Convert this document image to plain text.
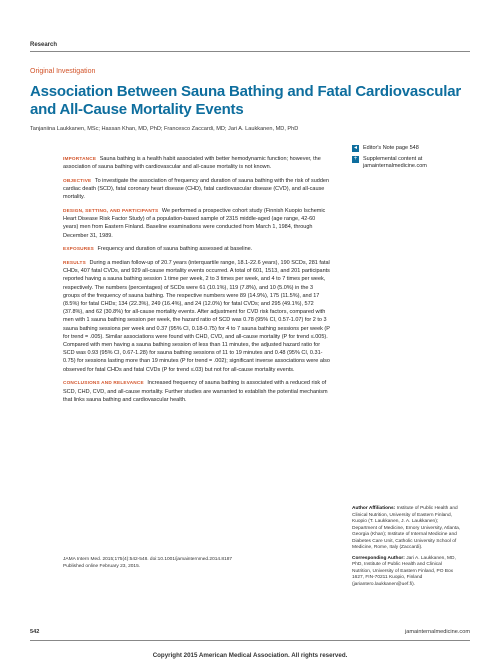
Research
Original Investigation
Association Between Sauna Bathing and Fatal Cardiovascular and All-Cause Mortality Events
Tanjaniina Laukkanen, MSc; Hassan Khan, MD, PhD; Francesco Zaccardi, MD; Jari A. Laukkanen, MD, PhD

IMPORTANCE Sauna bathing is a health habit associated with better hemodynamic function; however, the association of sauna bathing with cardiovascular and all-cause mortality is not known.

OBJECTIVE To investigate the association of frequency and duration of sauna bathing with the risk of sudden cardiac death (SCD), fatal coronary heart disease (CHD), fatal cardiovascular disease (CVD), and all-cause mortality.

DESIGN, SETTING, AND PARTICIPANTS We performed a prospective cohort study (Finnish Kuopio Ischemic Heart Disease Risk Factor Study) of a population-based sample of 2315 middle-aged (age range, 42-60 years) men from Eastern Finland. Baseline examinations were conducted from March 1, 1984, through December 31, 1989.

EXPOSURES Frequency and duration of sauna bathing assessed at baseline.

RESULTS During a median follow-up of 20.7 years (interquartile range, 18.1-22.6 years), 190 SCDs, 281 fatal CHDs, 407 fatal CVDs, and 929 all-cause mortality events occurred. A total of 601, 1513, and 201 participants reported having a sauna bathing session 1 time per week, 2 to 3 times per week, and 4 to 7 times per week, respectively. The numbers (percentages) of SCDs were 61 (10.1%), 119 (7.8%), and 10 (5.0%) in the 3 groups of the frequency of sauna bathing. The respective numbers were 89 (14.9%), 175 (11.5%), and 17 (8.5%) for fatal CHDs; 134 (22.3%), 249 (16.4%), and 24 (12.0%) for fatal CVDs; and 295 (49.1%), 572 (37.8%), and 62 (30.8%) for all-cause mortality events. After adjustment for CVD risk factors, compared with men with 1 sauna bathing session per week, the hazard ratio of SCD was 0.78 (95% CI, 0.57-1.07) for 2 to 3 sauna bathing sessions per week and 0.37 (95% CI, 0.18-0.75) for 4 to 7 sauna bathing sessions per week (P for trend = .005). Similar associations were found with CHD, CVD, and all-cause mortality (P for trend ≤.005). Compared with men having a sauna bathing session of less than 11 minutes, the adjusted hazard ratio for SCD was 0.93 (95% CI, 0.67-1.28) for sauna bathing sessions of 11 to 19 minutes and 0.48 (95% CI, 0.31-0.75) for sessions lasting more than 19 minutes (P for trend = .002); significant inverse associations were also observed for fatal CHDs and fatal CVDs (P for trend ≤.03) but not for all-cause mortality events.

CONCLUSIONS AND RELEVANCE Increased frequency of sauna bathing is associated with a reduced risk of SCD, CHD, CVD, and all-cause mortality. Further studies are warranted to establish the potential mechanism that links sauna bathing and cardiovascular health.

JAMA Intern Med. 2015;175(4):542-548. doi:10.1001/jamainternmed.2014.8187
Published online February 23, 2015.
◂	Editor's Note page 548
+	Supplemental content at jamainternalmedicine.com
Author Affiliations: Institute of Public Health and Clinical Nutrition, University of Eastern Finland, Kuopio (T. Laukkanen, J. A. Laukkanen); Department of Medicine, Emory University, Atlanta, Georgia (Khan); Institute of Internal Medicine and Diabetes Care Unit, Catholic University School of Medicine, Rome, Italy (Zaccardi).
Corresponding Author: Jari A. Laukkanen, MD, PhD, Institute of Public Health and Clinical Nutrition, University of Eastern Finland, PO Box 1627, FIN-70211 Kuopio, Finland (jariantero.laukkanen@uef.fi).
542	jamainternalmedicine.com
Copyright 2015 American Medical Association. All rights reserved.
